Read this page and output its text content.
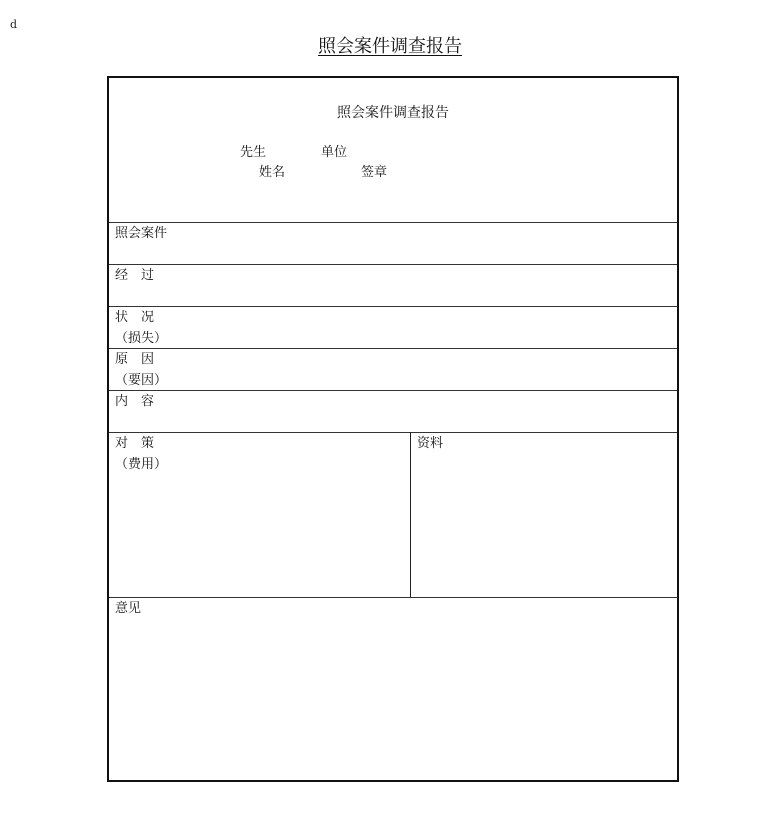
d
照会案件调查报告
照会案件调查报告
先生	单位
姓名	签章
照会案件
经　过
状　况
（损失）
原　因
（要因）
内　容
对　策
（费用）
资料
意见
